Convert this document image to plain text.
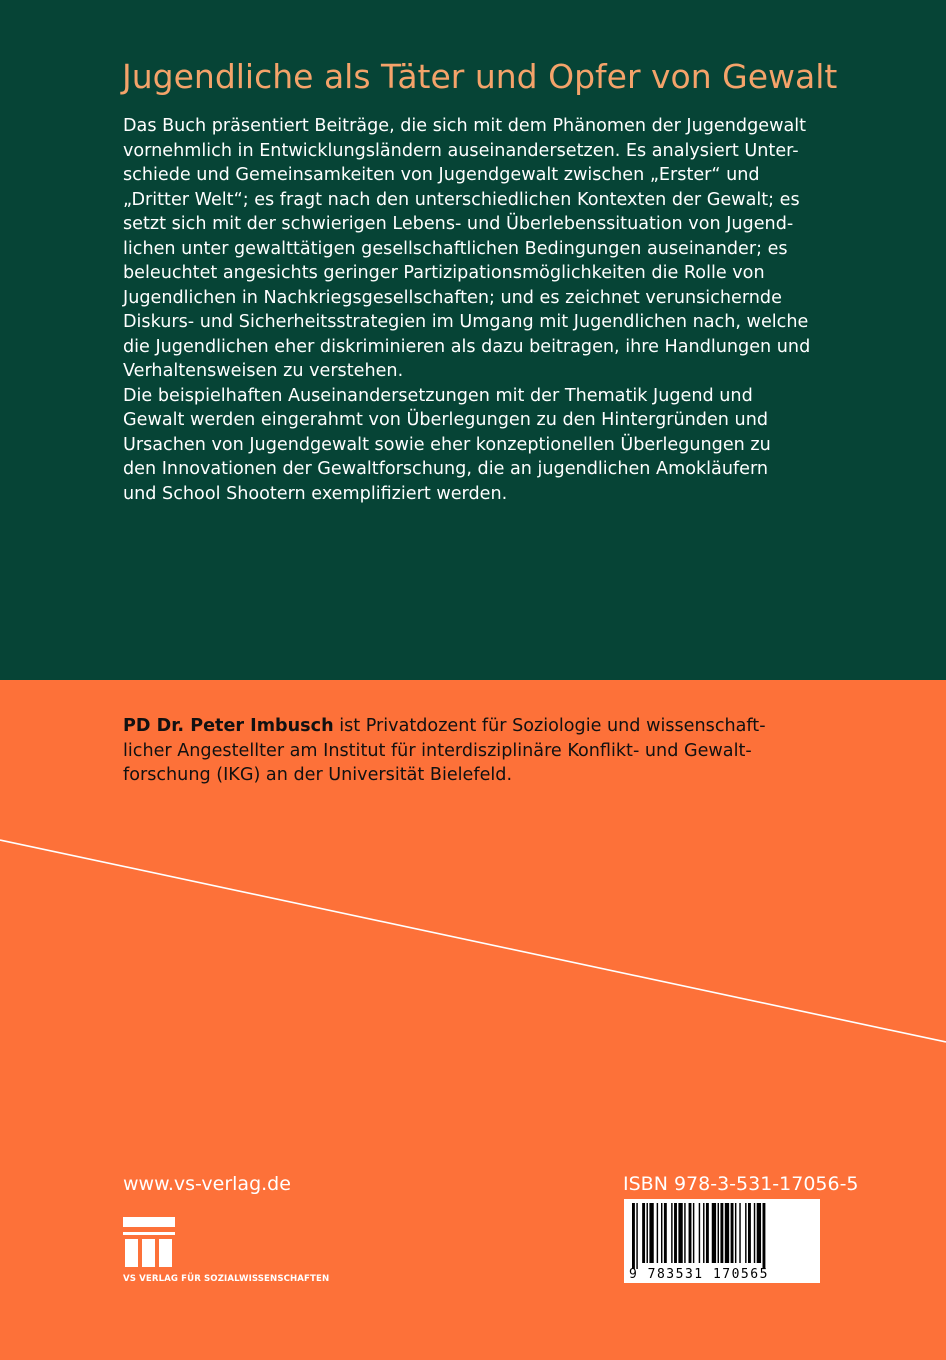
Jugendliche als Täter und Opfer von Gewalt
Das Buch präsentiert Beiträge, die sich mit dem Phänomen der Jugendgewalt
vornehmlich in Entwicklungsländern auseinandersetzen. Es analysiert Unter-
schiede und Gemeinsamkeiten von Jugendgewalt zwischen „Erster“ und
„Dritter Welt“; es fragt nach den unterschiedlichen Kontexten der Gewalt; es
setzt sich mit der schwierigen Lebens- und Überlebenssituation von Jugend-
lichen unter gewalttätigen gesellschaftlichen Bedingungen auseinander; es
beleuchtet angesichts geringer Partizipationsmöglichkeiten die Rolle von
Jugendlichen in Nachkriegsgesellschaften; und es zeichnet verunsichernde
Diskurs- und Sicherheitsstrategien im Umgang mit Jugendlichen nach, welche
die Jugendlichen eher diskriminieren als dazu beitragen, ihre Handlungen und
Verhaltensweisen zu verstehen.
Die beispielhaften Auseinandersetzungen mit der Thematik Jugend und
Gewalt werden eingerahmt von Überlegungen zu den Hintergründen und
Ursachen von Jugendgewalt sowie eher konzeptionellen Überlegungen zu
den Innovationen der Gewaltforschung, die an jugendlichen Amokläufern
und School Shootern exemplifiziert werden.
PD Dr. Peter Imbusch ist Privatdozent für Soziologie und wissenschaft-
licher Angestellter am Institut für interdisziplinäre Konflikt- und Gewalt-
forschung (IKG) an der Universität Bielefeld.
www.vs-verlag.de
VS VERLAG FÜR SOZIALWISSENSCHAFTEN
ISBN 978-3-531-17056-5
9 783531 170565
